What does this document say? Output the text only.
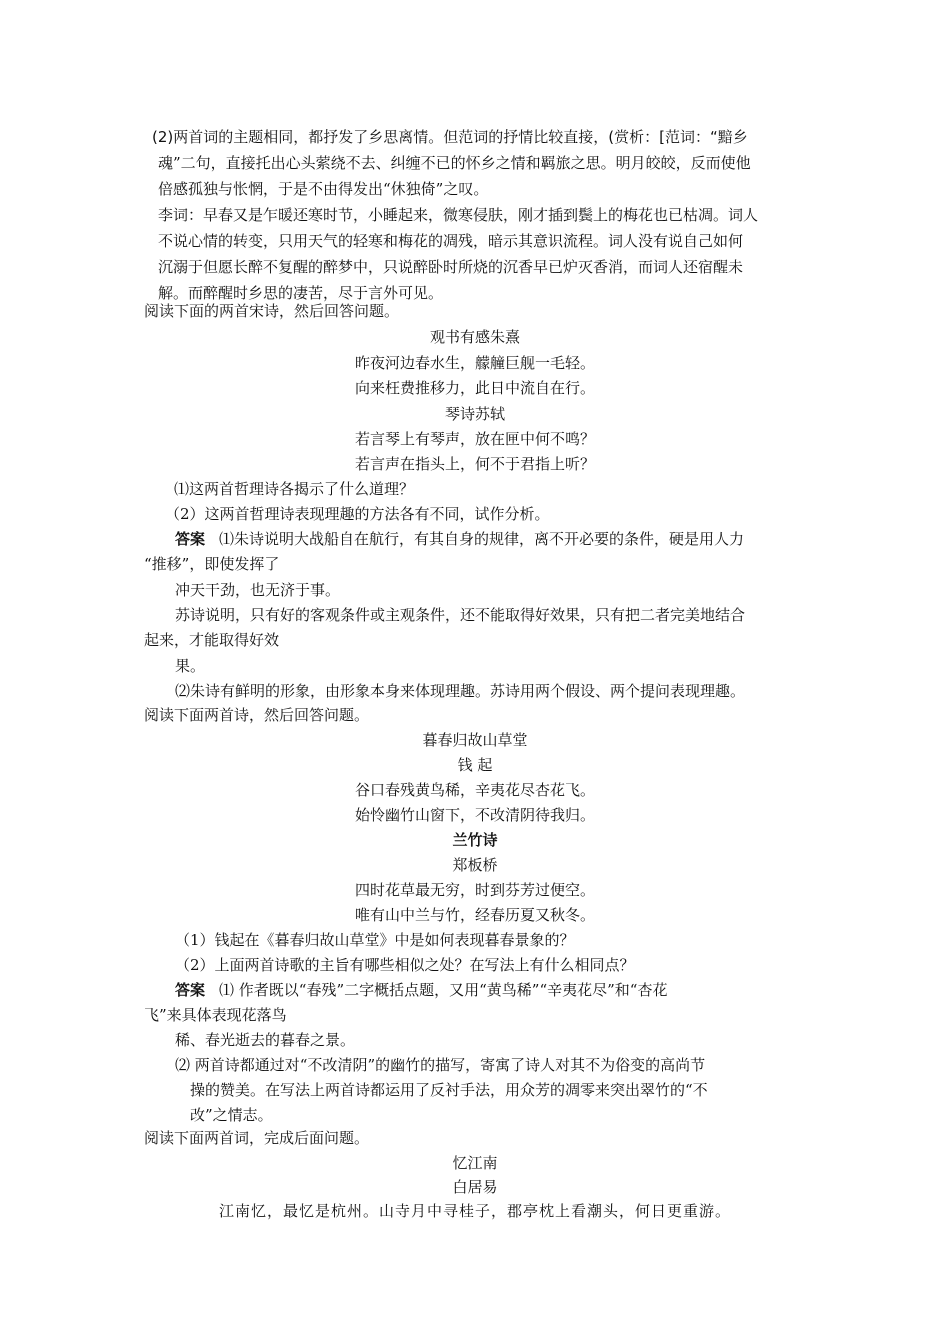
(2)两首词的主题相同，都抒发了乡思离情。但范词的抒情比较直接，(赏析：[范词：“黯乡
魂”二句，直接托出心头萦绕不去、纠缠不已的怀乡之情和羁旅之思。明月皎皎，反而使他
倍感孤独与怅惘，于是不由得发出“休独倚”之叹。
李词：早春又是乍暖还寒时节，小睡起来，微寒侵肤，刚才插到鬓上的梅花也已枯凋。词人
不说心情的转变，只用天气的轻寒和梅花的凋残，暗示其意识流程。词人没有说自己如何
沉溺于但愿长醉不复醒的醉梦中，只说醉卧时所烧的沉香早已炉灭香消，而词人还宿醒未
解。而醉醒时乡思的凄苦，尽于言外可见。
阅读下面的两首宋诗，然后回答问题。
观书有感朱熹
昨夜河边春水生，艨艟巨舰一毛轻。
向来枉费推移力，此日中流自在行。
琴诗苏轼
若言琴上有琴声，放在匣中何不鸣？
若言声在指头上，何不于君指上听？
⑴这两首哲理诗各揭示了什么道理？
（2）这两首哲理诗表现理趣的方法各有不同，试作分析。
答案 ⑴朱诗说明大战船自在航行，有其自身的规律，离不开必要的条件，硬是用人力
“推移”，即使发挥了
冲天干劲，也无济于事。
苏诗说明，只有好的客观条件或主观条件，还不能取得好效果，只有把二者完美地结合
起来，才能取得好效
果。
⑵朱诗有鲜明的形象，由形象本身来体现理趣。苏诗用两个假设、两个提问表现理趣。
阅读下面两首诗，然后回答问题。
暮春归故山草堂
钱 起
谷口春残黄鸟稀，辛夷花尽杏花飞。
始怜幽竹山窗下，不改清阴待我归。
兰竹诗
郑板桥
四时花草最无穷，时到芬芳过便空。
唯有山中兰与竹，经春历夏又秋冬。
（1）钱起在《暮春归故山草堂》中是如何表现暮春景象的？
（2）上面两首诗歌的主旨有哪些相似之处？在写法上有什么相同点？
答案 ⑴ 作者既以“春残”二字概括点题，又用“黄鸟稀”“辛夷花尽”和“杏花
飞”来具体表现花落鸟
稀、春光逝去的暮春之景。
⑵ 两首诗都通过对“不改清阴”的幽竹的描写，寄寓了诗人对其不为俗变的高尚节
操的赞美。在写法上两首诗都运用了反衬手法，用众芳的凋零来突出翠竹的“不
改”之情志。
阅读下面两首词，完成后面问题。
忆江南
白居易
江南忆，最忆是杭州。山寺月中寻桂子，郡亭枕上看潮头，何日更重游。
